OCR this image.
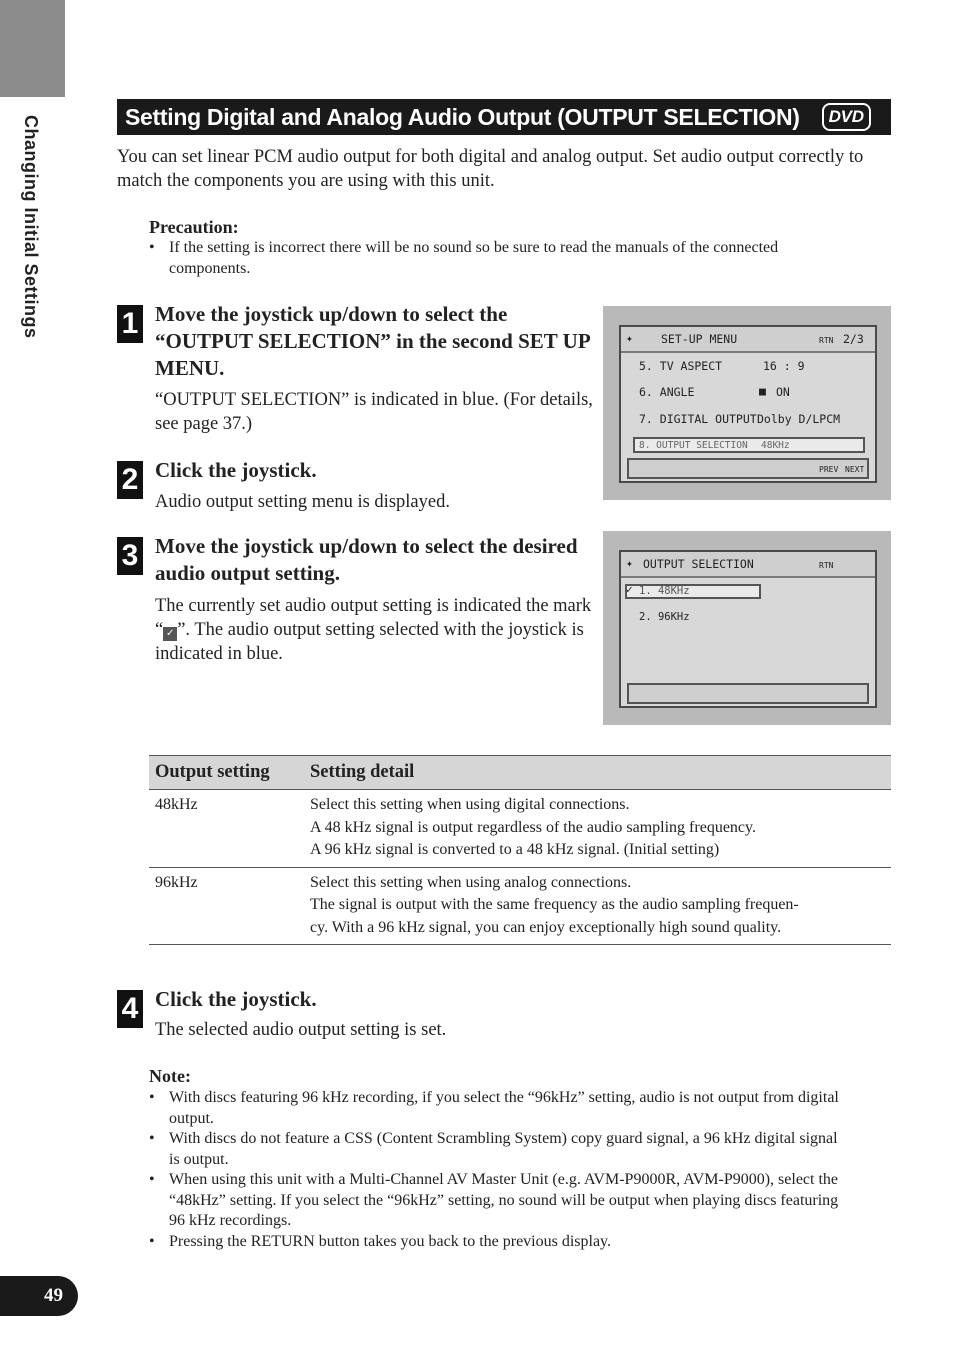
Changing Initial Settings
49
Setting Digital and Analog Audio Output (OUTPUT SELECTION)	DVD
You can set linear PCM audio output for both digital and analog output. Set audio output correctly to match the components you are using with this unit.
Precaution:
• If the setting is incorrect there will be no sound so be sure to read the manuals of the connected components.
1 Move the joystick up/down to select the “OUTPUT SELECTION” in the second SET UP MENU.
“OUTPUT SELECTION” is indicated in blue. (For details, see page 37.)
2 Click the joystick.
Audio output setting menu is displayed.
3 Move the joystick up/down to select the desired audio output setting.
The currently set audio output setting is indicated the mark “ ✓ ”. The audio output setting selected with the joystick is indicated in blue.
✦ SET-UP MENU	RTN 2/3
5. TV ASPECT	16 : 9
6. ANGLE	■ ON
7. DIGITAL OUTPUT Dolby D/LPCM
8. OUTPUT SELECTION 48KHz
PREV NEXT
✦ OUTPUT SELECTION	RTN
✓ 1. 48KHz
2. 96KHz
Output setting	Setting detail
48kHz	Select this setting when using digital connections.
A 48 kHz signal is output regardless of the audio sampling frequency.
A 96 kHz signal is converted to a 48 kHz signal. (Initial setting)

96kHz	Select this setting when using analog connections.
The signal is output with the same frequency as the audio sampling frequen-
cy. With a 96 kHz signal, you can enjoy exceptionally high sound quality.
4 Click the joystick.
The selected audio output setting is set.
Note:
• With discs featuring 96 kHz recording, if you select the “96kHz” setting, audio is not output from digital output.
• With discs do not feature a CSS (Content Scrambling System) copy guard signal, a 96 kHz digital signal is output.
• When using this unit with a Multi-Channel AV Master Unit (e.g. AVM-P9000R, AVM-P9000), select the “48kHz” setting. If you select the “96kHz” setting, no sound will be output when playing discs featuring 96 kHz recordings.
• Pressing the RETURN button takes you back to the previous display.
